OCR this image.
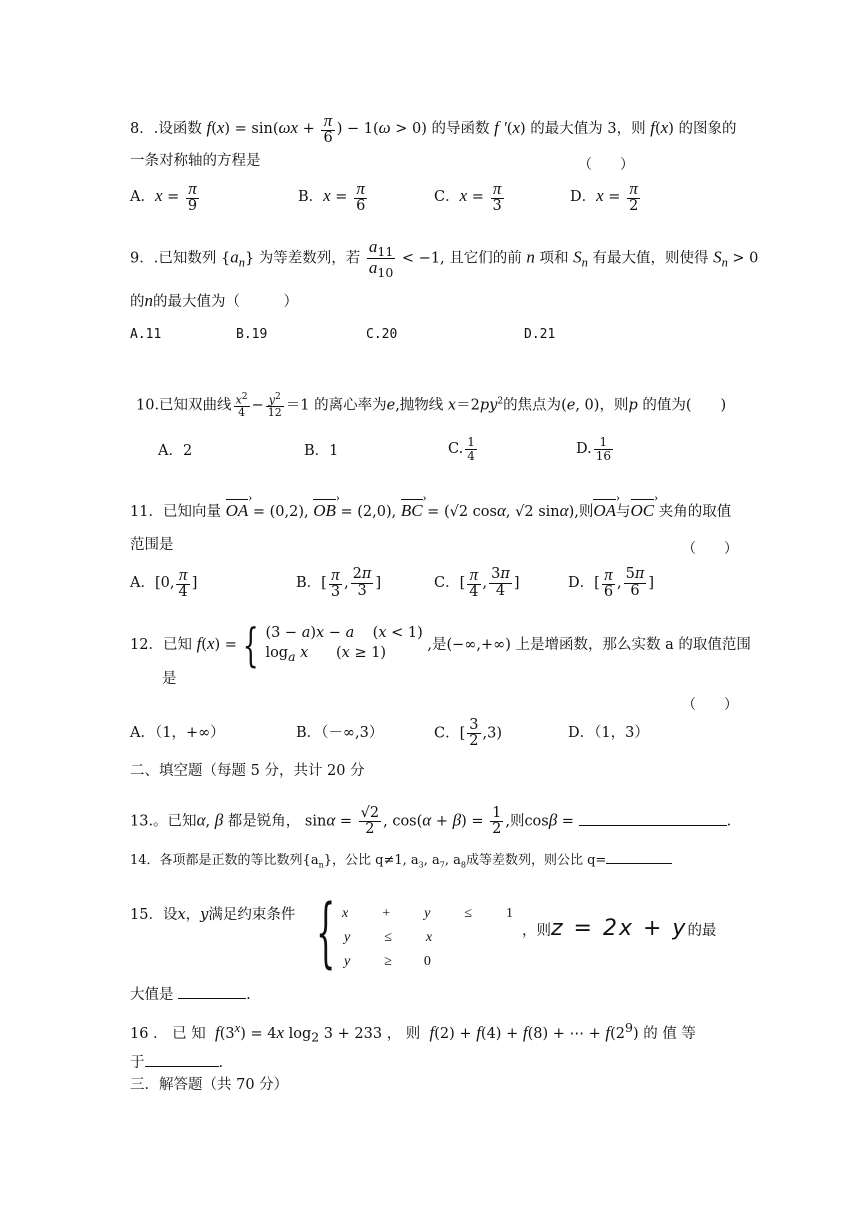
8．.设函数 $f(x) = \sin(\omega x + \frac{\pi}{6}$ ) − 1(ω > 0) 的导函数 f ′(x) 的最大值为 3，则 f(x) 的图象的
一条对称轴的方程是	（　　）
A．$x = \frac{\pi}{9}$	B．$x = \frac{\pi}{6}$	C．$x = \frac{\pi}{3}$	D．$x = \frac{\pi}{2}$
9．.已知数列 $\{a_n\}$ 为等差数列，若 $\frac{a_{11}}{a_{10}} < -1$, 且它们的前 n 项和 $S_n$ 有最大值，则使得 $S_n > 0$
的n的最大值为（　　　）
A.11	B.19	C.20	D.21
10.已知双曲线 $\frac{x^2}{4} - \frac{y^2}{12} =1$ 的离心率为e,抛物线 $x=2py^2$的焦点为(e, 0)，则p 的值为(　　)
A．2	B．1	C. $\frac{1}{4}$	D. $\frac{1}{16}$
11．已知向量 › OA = (0,2), › OB = (2,0), › BC = (√2 cosα, √2 sinα),则› OA与› OC 夹角的取值
范围是	（　　）
A．[0, $\frac{\pi}{4}$ ]	B．[ $\frac{\pi}{3}$ , $\frac{2\pi}{3}$ ]	C．[ $\frac{\pi}{4}$ , $\frac{3\pi}{4}$ ]	D．[ $\frac{\pi}{6}$ , $\frac{5\pi}{6}$ ]
12．已知 f(x) = { (3 − a)x − a    (x < 1)
$\log_a x$      (x ≥ 1)	,是(−∞,+∞) 上是增函数，那么实数 a 的取值范围
是
（　　）
A．（1，+∞）	B．（－∞,3）	C．[ $\frac{3}{2} ,3$)	D．（1，3）
二、填空题（每题 5 分，共计 20 分
13.。已知α, β 都是锐角， $\sin\alpha = \frac{√2}{2}$ , $\cos(\alpha + \beta) = \frac{1}{2}$ ,则cosβ =	.
14．各项都是正数的等比数列$\{a_n\}$，公比 q≠1, $a_3$, $a_7$, $a_8$成等差数列，则公比 q=
15．设x，y满足约束条件 { x + y ≤ 1
y ≤ x
y ≥ 0
，则z = 2x + y的最
大值是	.
16 ． 已 知 $f(3^x) = 4x$ $\log_2 3 + 233$ ， 则 f(2) + f(4) + f(8) + ⋯ + $f(2^9)$ 的 值 等
于	.
三．解答题（共 70 分）
